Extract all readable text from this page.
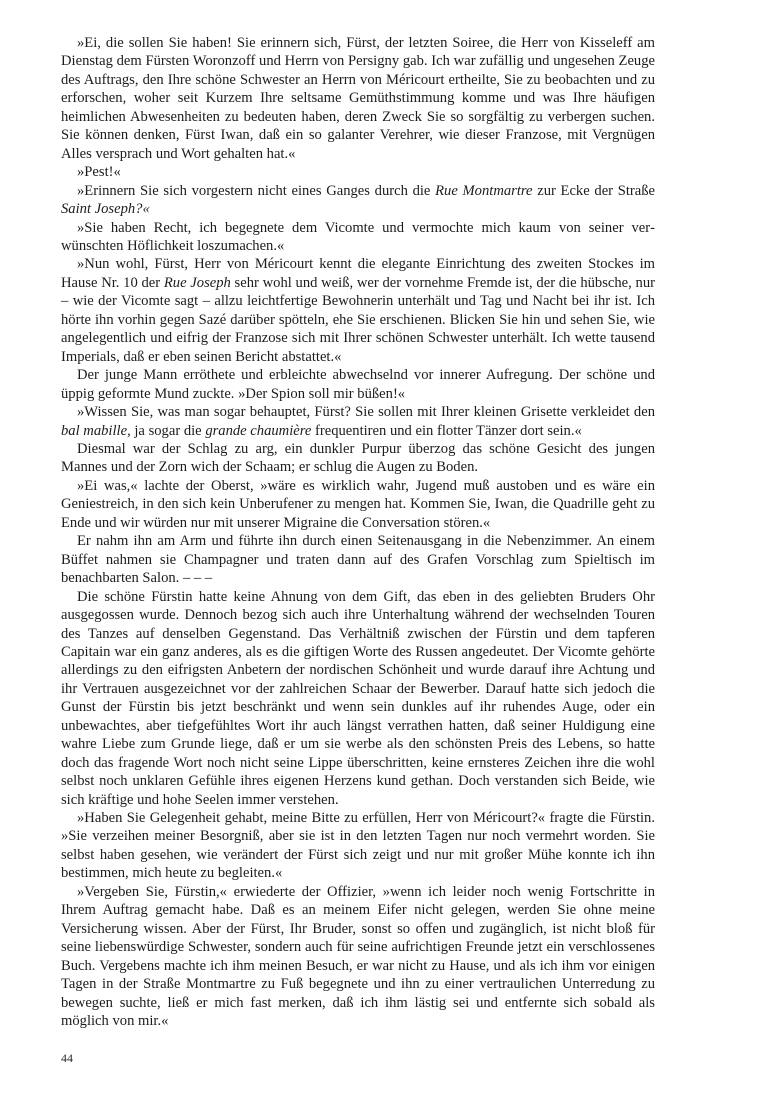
»Ei, die sollen Sie haben! Sie erinnern sich, Fürst, der letzten Soiree, die Herr von Kisseleff am Dienstag dem Fürsten Woronzoff und Herrn von Persigny gab. Ich war zufällig und ungesehen Zeuge des Auftrags, den Ihre schöne Schwester an Herrn von Méricourt ertheilte, Sie zu beobachten und zu erforschen, woher seit Kurzem Ihre seltsame Gemüthstimmung komme und was Ihre häufigen heimlichen Abwesenheiten zu bedeuten haben, deren Zweck Sie so sorgfältig zu verbergen suchen. Sie können denken, Fürst Iwan, daß ein so galanter Verehrer, wie dieser Franzose, mit Vergnügen Alles versprach und Wort gehalten hat.«

»Pest!«

»Erinnern Sie sich vorgestern nicht eines Ganges durch die Rue Montmartre zur Ecke der Straße Saint Joseph?«

»Sie haben Recht, ich begegnete dem Vicomte und vermochte mich kaum von seiner verwünschten Höflichkeit loszumachen.«

»Nun wohl, Fürst, Herr von Méricourt kennt die elegante Einrichtung des zweiten Stockes im Hause Nr. 10 der Rue Joseph sehr wohl und weiß, wer der vornehme Fremde ist, der die hübsche, nur – wie der Vicomte sagt – allzu leichtfertige Bewohnerin unterhält und Tag und Nacht bei ihr ist. Ich hörte ihn vorhin gegen Sazé darüber spötteln, ehe Sie erschienen. Blicken Sie hin und sehen Sie, wie angelegentlich und eifrig der Franzose sich mit Ihrer schönen Schwester unterhält. Ich wette tausend Imperials, daß er eben seinen Bericht abstattet.«

Der junge Mann erröthete und erbleichte abwechselnd vor innerer Aufregung. Der schöne und üppig geformte Mund zuckte. »Der Spion soll mir büßen!«

»Wissen Sie, was man sogar behauptet, Fürst? Sie sollen mit Ihrer kleinen Grisette verkleidet den bal mabille, ja sogar die grande chaumière frequentiren und ein flotter Tänzer dort sein.«

Diesmal war der Schlag zu arg, ein dunkler Purpur überzog das schöne Gesicht des jungen Mannes und der Zorn wich der Schaam; er schlug die Augen zu Boden.

»Ei was,« lachte der Oberst, »wäre es wirklich wahr, Jugend muß austoben und es wäre ein Geniestreich, in den sich kein Unberufener zu mengen hat. Kommen Sie, Iwan, die Quadrille geht zu Ende und wir würden nur mit unserer Migraine die Conversation stören.«

Er nahm ihn am Arm und führte ihn durch einen Seitenausgang in die Nebenzimmer. An einem Büffet nahmen sie Champagner und traten dann auf des Grafen Vorschlag zum Spieltisch im benachbarten Salon. – – –

Die schöne Fürstin hatte keine Ahnung von dem Gift, das eben in des geliebten Bruders Ohr ausgegossen wurde. Dennoch bezog sich auch ihre Unterhaltung während der wechselnden Touren des Tanzes auf denselben Gegenstand. Das Verhältniß zwischen der Fürstin und dem tapferen Capitain war ein ganz anderes, als es die giftigen Worte des Russen angedeutet. Der Vicomte gehörte allerdings zu den eifrigsten Anbetern der nordischen Schönheit und wurde darauf ihre Achtung und ihr Vertrauen ausgezeichnet vor der zahlreichen Schaar der Bewerber. Darauf hatte sich jedoch die Gunst der Fürstin bis jetzt beschränkt und wenn sein dunkles auf ihr ruhendes Auge, oder ein unbewachtes, aber tiefgefühltes Wort ihr auch längst verrathen hatten, daß seiner Huldigung eine wahre Liebe zum Grunde liege, daß er um sie werbe als den schönsten Preis des Lebens, so hatte doch das fragende Wort noch nicht seine Lippe überschritten, keine ernsteres Zeichen ihre die wohl selbst noch unklaren Gefühle ihres eigenen Herzens kund gethan. Doch verstanden sich Beide, wie sich kräftige und hohe Seelen immer verstehen.

»Haben Sie Gelegenheit gehabt, meine Bitte zu erfüllen, Herr von Méricourt?« fragte die Fürstin. »Sie verzeihen meiner Besorgniß, aber sie ist in den letzten Tagen nur noch vermehrt worden. Sie selbst haben gesehen, wie verändert der Fürst sich zeigt und nur mit großer Mühe konnte ich ihn bestimmen, mich heute zu begleiten.«

»Vergeben Sie, Fürstin,« erwiederte der Offizier, »wenn ich leider noch wenig Fortschritte in Ihrem Auftrag gemacht habe. Daß es an meinem Eifer nicht gelegen, werden Sie ohne meine Versicherung wissen. Aber der Fürst, Ihr Bruder, sonst so offen und zugänglich, ist nicht bloß für seine liebenswürdige Schwester, sondern auch für seine aufrichtigen Freunde jetzt ein verschlossenes Buch. Vergebens machte ich ihm meinen Besuch, er war nicht zu Hause, und als ich ihm vor einigen Tagen in der Straße Montmartre zu Fuß begegnete und ihn zu einer vertraulichen Unterredung zu bewegen suchte, ließ er mich fast merken, daß ich ihm lästig sei und entfernte sich sobald als möglich von mir.«

44
